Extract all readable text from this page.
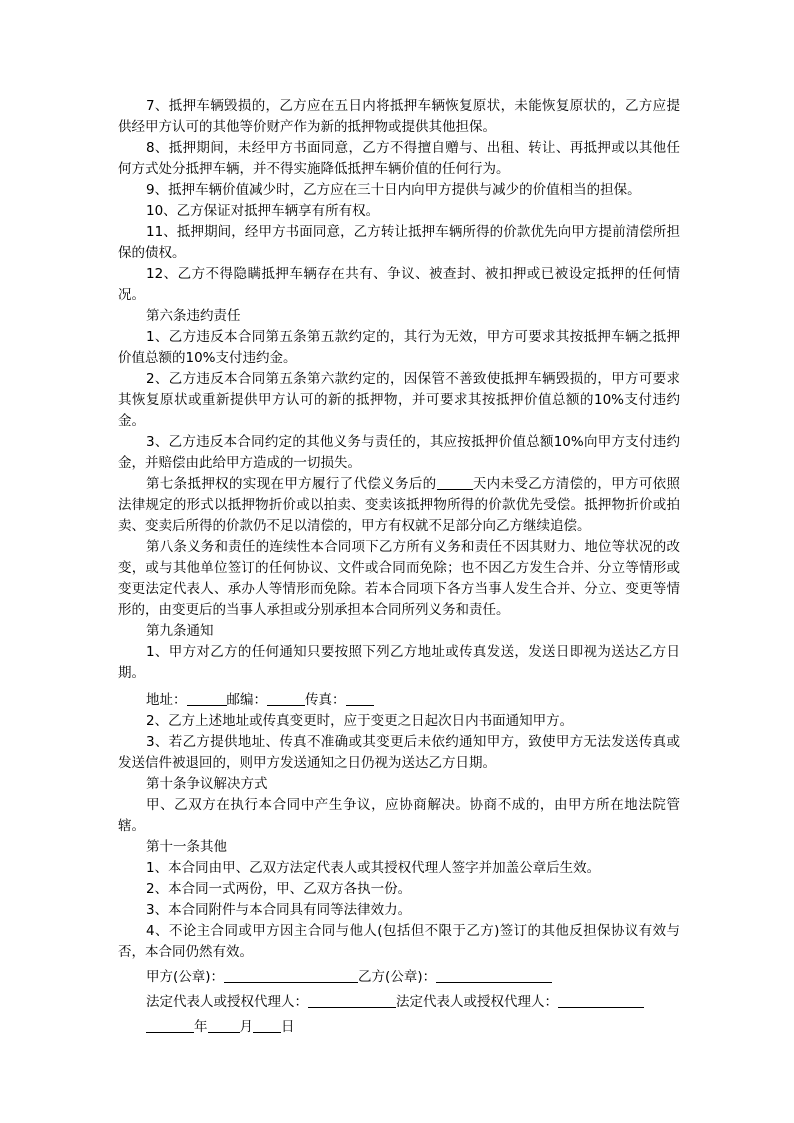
7、抵押车辆毁损的，乙方应在五日内将抵押车辆恢复原状，未能恢复原状的，乙方应提供经甲方认可的其他等价财产作为新的抵押物或提供其他担保。

8、抵押期间，未经甲方书面同意，乙方不得擅自赠与、出租、转让、再抵押或以其他任何方式处分抵押车辆，并不得实施降低抵押车辆价值的任何行为。

9、抵押车辆价值减少时，乙方应在三十日内向甲方提供与减少的价值相当的担保。

10、乙方保证对抵押车辆享有所有权。

11、抵押期间，经甲方书面同意，乙方转让抵押车辆所得的价款优先向甲方提前清偿所担保的债权。

12、乙方不得隐瞒抵押车辆存在共有、争议、被查封、被扣押或已被设定抵押的任何情况。

第六条违约责任

1、乙方违反本合同第五条第五款约定的，其行为无效，甲方可要求其按抵押车辆之抵押价值总额的10%支付违约金。

2、乙方违反本合同第五条第六款约定的，因保管不善致使抵押车辆毁损的，甲方可要求其恢复原状或重新提供甲方认可的新的抵押物，并可要求其按抵押价值总额的10%支付违约金。

3、乙方违反本合同约定的其他义务与责任的，其应按抵押价值总额10%向甲方支付违约金，并赔偿由此给甲方造成的一切损失。

第七条抵押权的实现在甲方履行了代偿义务后的	天内未受乙方清偿的，甲方可依照法律规定的形式以抵押物折价或以拍卖、变卖该抵押物所得的价款优先受偿。抵押物折价或拍卖、变卖后所得的价款仍不足以清偿的，甲方有权就不足部分向乙方继续追偿。

第八条义务和责任的连续性本合同项下乙方所有义务和责任不因其财力、地位等状况的改变，或与其他单位签订的任何协议、文件或合同而免除；也不因乙方发生合并、分立等情形或变更法定代表人、承办人等情形而免除。若本合同项下各方当事人发生合并、分立、变更等情形的，由变更后的当事人承担或分别承担本合同所列义务和责任。

第九条通知

1、甲方对乙方的任何通知只要按照下列乙方地址或传真发送，发送日即视为送达乙方日期。

地址：	邮编：	传真：

2、乙方上述地址或传真变更时，应于变更之日起次日内书面通知甲方。

3、若乙方提供地址、传真不准确或其变更后未依约通知甲方，致使甲方无法发送传真或发送信件被退回的，则甲方发送通知之日仍视为送达乙方日期。

第十条争议解决方式

甲、乙双方在执行本合同中产生争议，应协商解决。协商不成的，由甲方所在地法院管辖。

第十一条其他

1、本合同由甲、乙双方法定代表人或其授权代理人签字并加盖公章后生效。

2、本合同一式两份，甲、乙双方各执一份。

3、本合同附件与本合同具有同等法律效力。

4、不论主合同或甲方因主合同与他人(包括但不限于乙方)签订的其他反担保协议有效与否，本合同仍然有效。

甲方(公章)：	乙方(公章)：

法定代表人或授权代理人：	法定代表人或授权代理人：

年 月 日
